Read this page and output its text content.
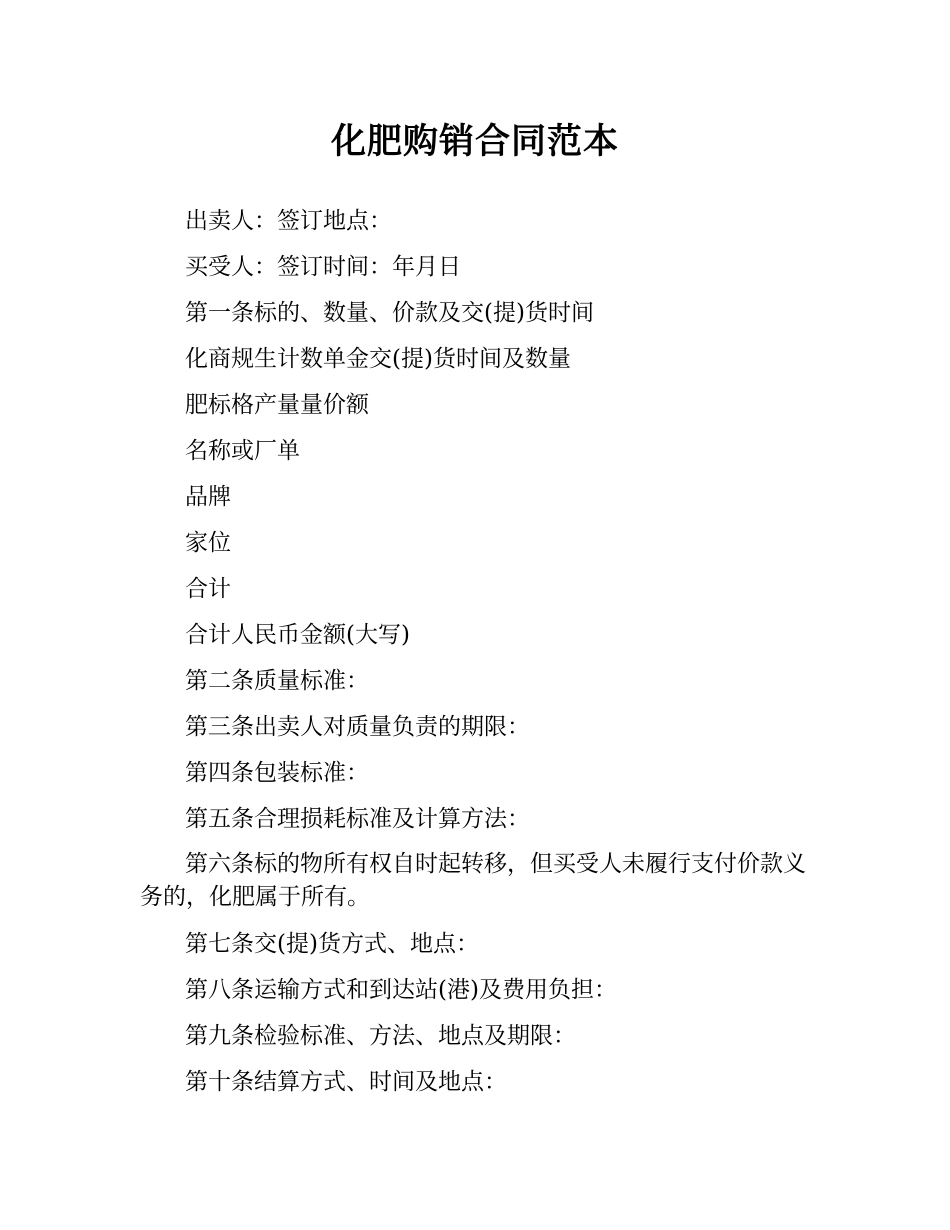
化肥购销合同范本

出卖人：签订地点：

买受人：签订时间：年月日

第一条标的、数量、价款及交(提)货时间

化商规生计数单金交(提)货时间及数量

肥标格产量量价额

名称或厂单

品牌

家位

合计

合计人民币金额(大写)

第二条质量标准：

第三条出卖人对质量负责的期限：

第四条包装标准：

第五条合理损耗标准及计算方法：

第六条标的物所有权自时起转移，但买受人未履行支付价款义务的，化肥属于所有。

第七条交(提)货方式、地点：

第八条运输方式和到达站(港)及费用负担：

第九条检验标准、方法、地点及期限：

第十条结算方式、时间及地点：
